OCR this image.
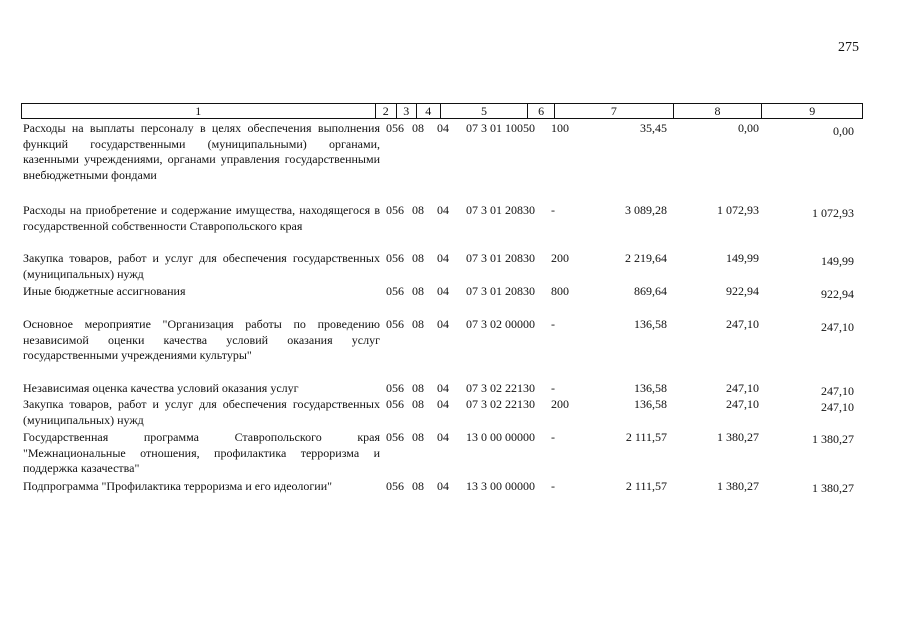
275
1	2	3	4	5	6	7	8	9
Расходы на выплаты персоналу в целях обеспечения выполнения функций государственными (муниципальными) органами, казенными учреждениями, органами управления государственными внебюджетными фондами
056 08 04 07 3 01 10050 100	35,45	0,00	0,00
Расходы на приобретение и содержание имущества, находящегося в государственной собственности Ставропольского края
056 08 04 07 3 01 20830 -	3 089,28	1 072,93	1 072,93
Закупка товаров, работ и услуг для обеспечения государственных (муниципальных) нужд
056 08 04 07 3 01 20830 200	2 219,64	149,99	149,99
Иные бюджетные ассигнования	056 08 04 07 3 01 20830 800	869,64	922,94	922,94
Основное мероприятие "Организация работы по проведению независимой оценки качества условий оказания услуг государственными учреждениями культуры"
056 08 04 07 3 02 00000 -	136,58	247,10	247,10
Независимая оценка качества условий оказания услуг	056 08 04 07 3 02 22130 -	136,58	247,10	247,10
Закупка товаров, работ и услуг для обеспечения государственных (муниципальных) нужд
056 08 04 07 3 02 22130 200	136,58	247,10	247,10
Государственная программа Ставропольского края "Межнациональные отношения, профилактика терроризма и поддержка казачества"
056 08 04 13 0 00 00000 -	2 111,57	1 380,27	1 380,27
Подпрограмма "Профилактика терроризма и его идеологии"	056 08 04 13 3 00 00000 -	2 111,57	1 380,27	1 380,27
